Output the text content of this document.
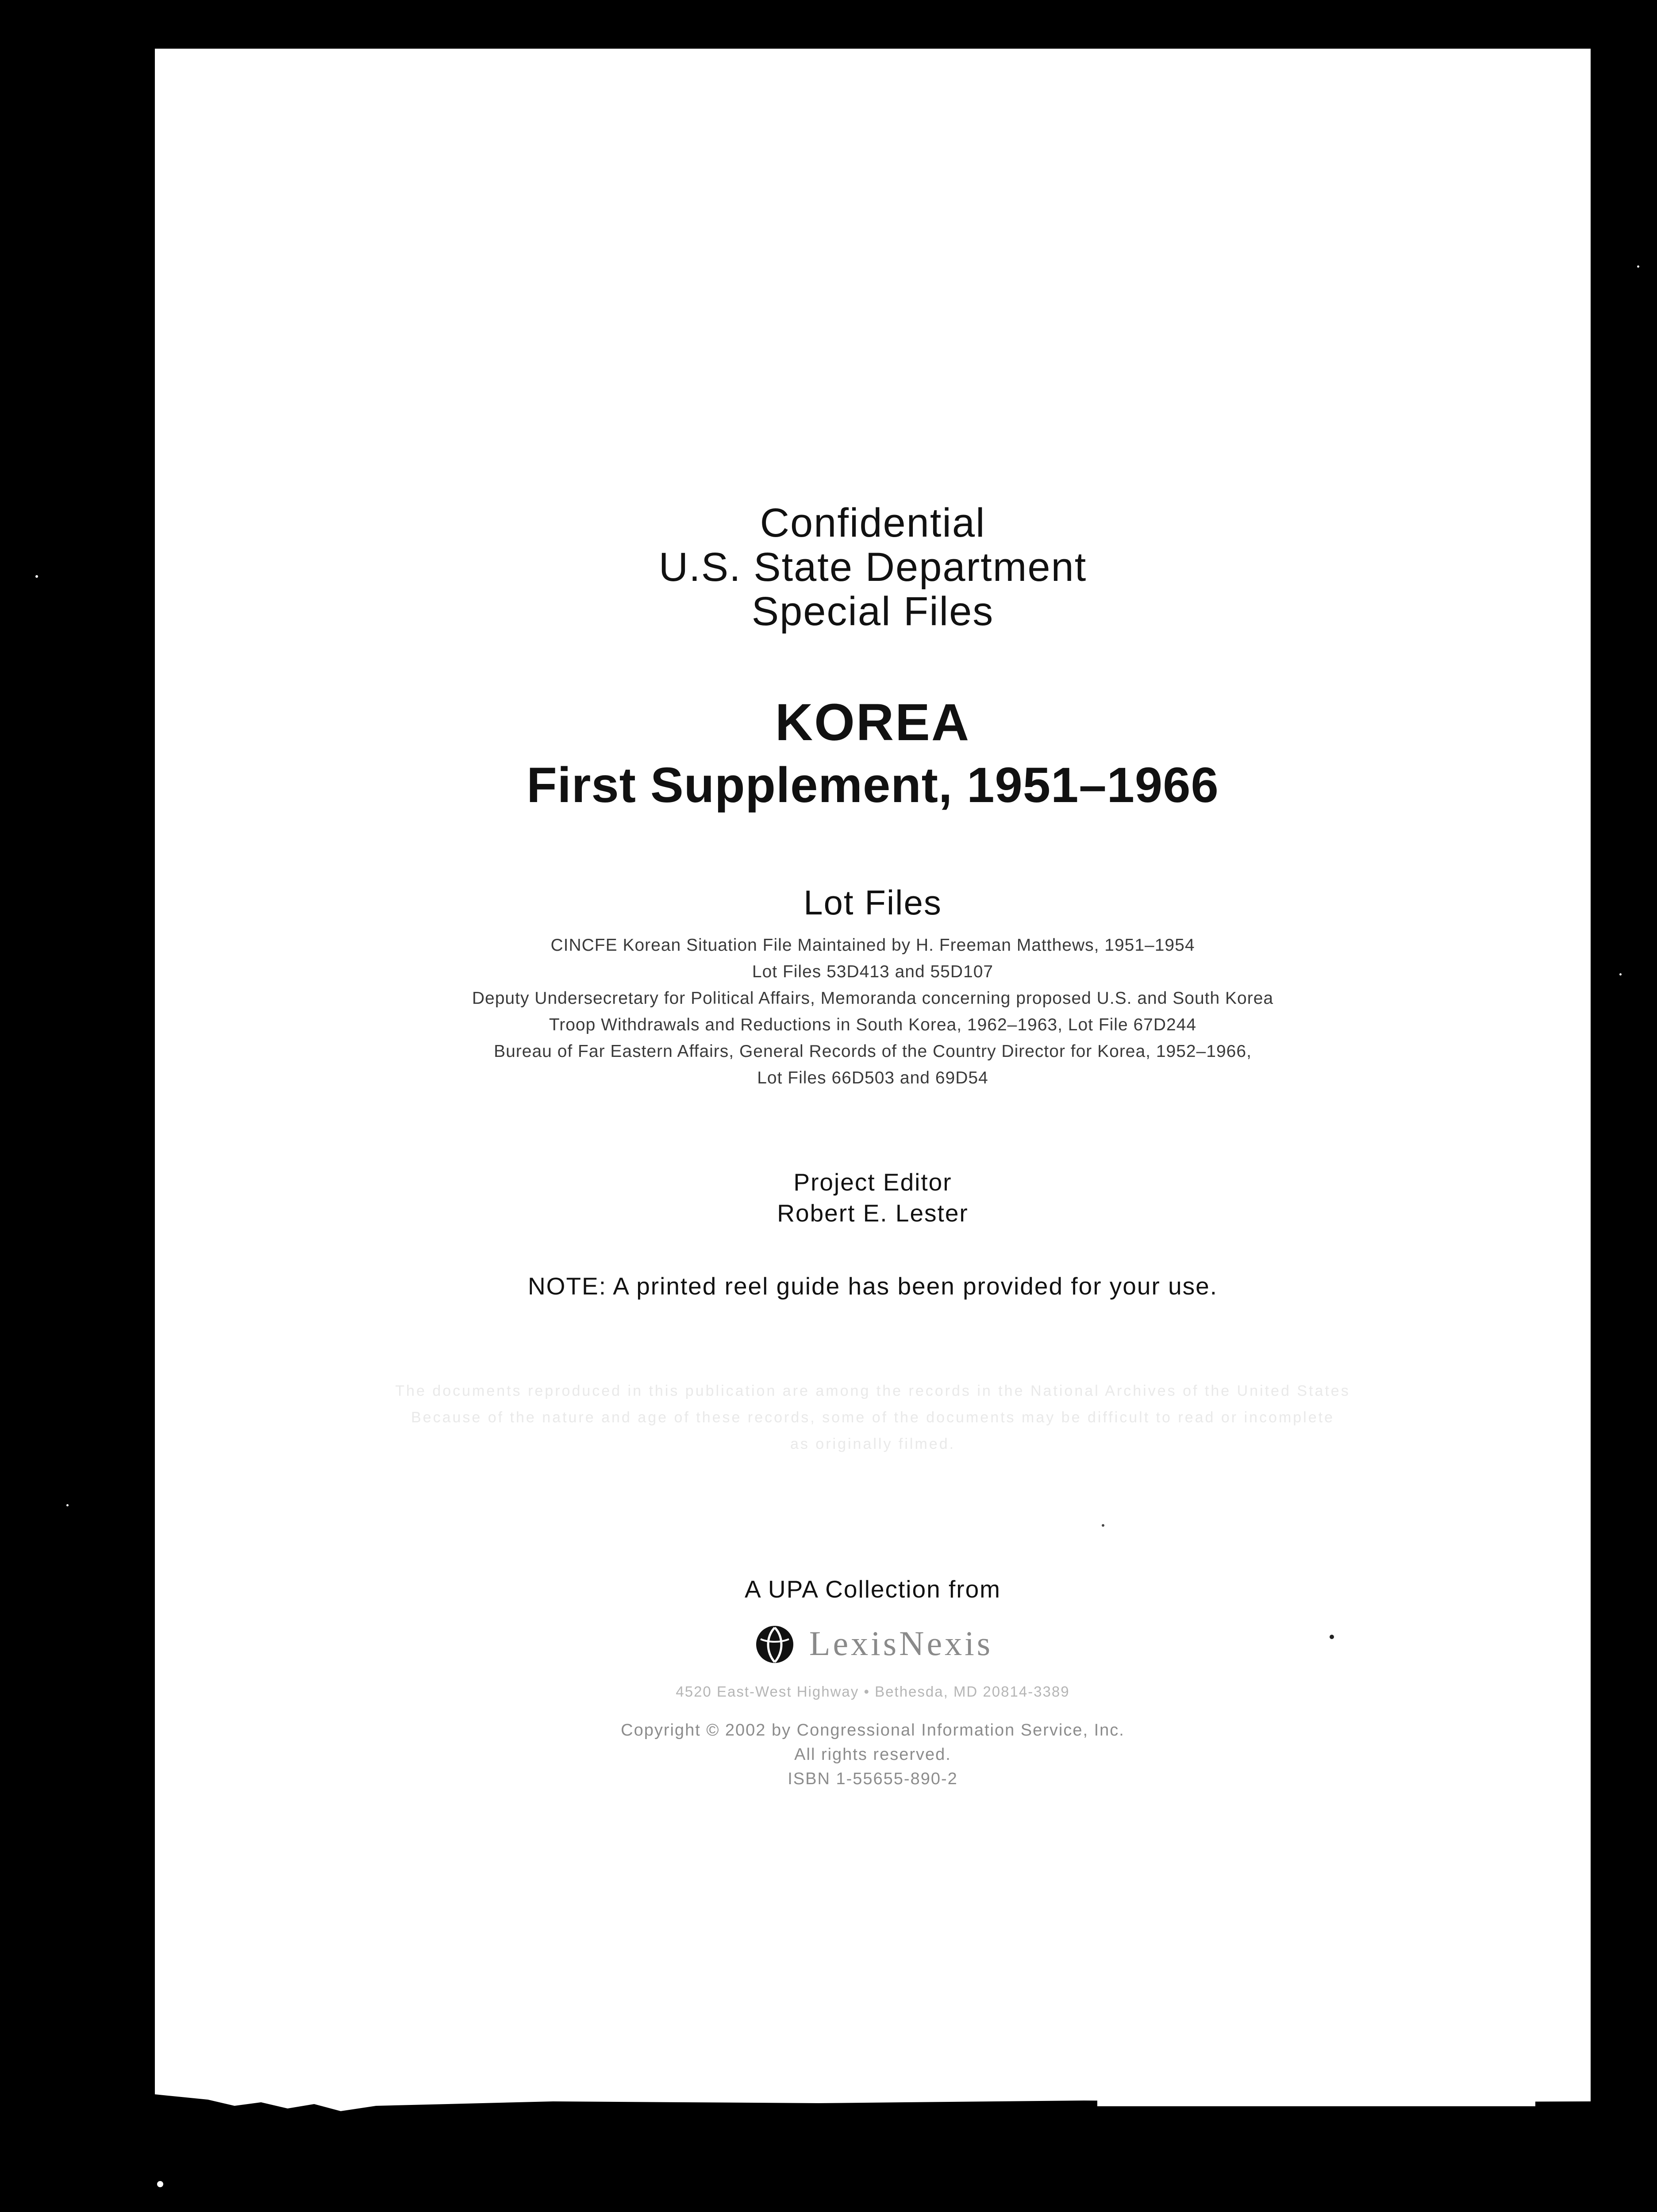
Confidential
U.S. State Department
Special Files
KOREA
First Supplement, 1951–1966
Lot Files
CINCFE Korean Situation File Maintained by H. Freeman Matthews, 1951–1954
Lot Files 53D413 and 55D107
Deputy Undersecretary for Political Affairs, Memoranda concerning proposed U.S. and South Korea
Troop Withdrawals and Reductions in South Korea, 1962–1963, Lot File 67D244
Bureau of Far Eastern Affairs, General Records of the Country Director for Korea, 1952–1966,
Lot Files 66D503 and 69D54
Project Editor
Robert E. Lester
NOTE: A printed reel guide has been provided for your use.
The documents reproduced in this publication are among the records in the National Archives of the United States
Because of the nature and age of these records, some of the documents may be difficult to read or incomplete
as originally filmed.
A UPA Collection from
LexisNexis
4520 East-West Highway • Bethesda, MD 20814-3389
Copyright © 2002 by Congressional Information Service, Inc.
All rights reserved.
ISBN 1-55655-890-2
